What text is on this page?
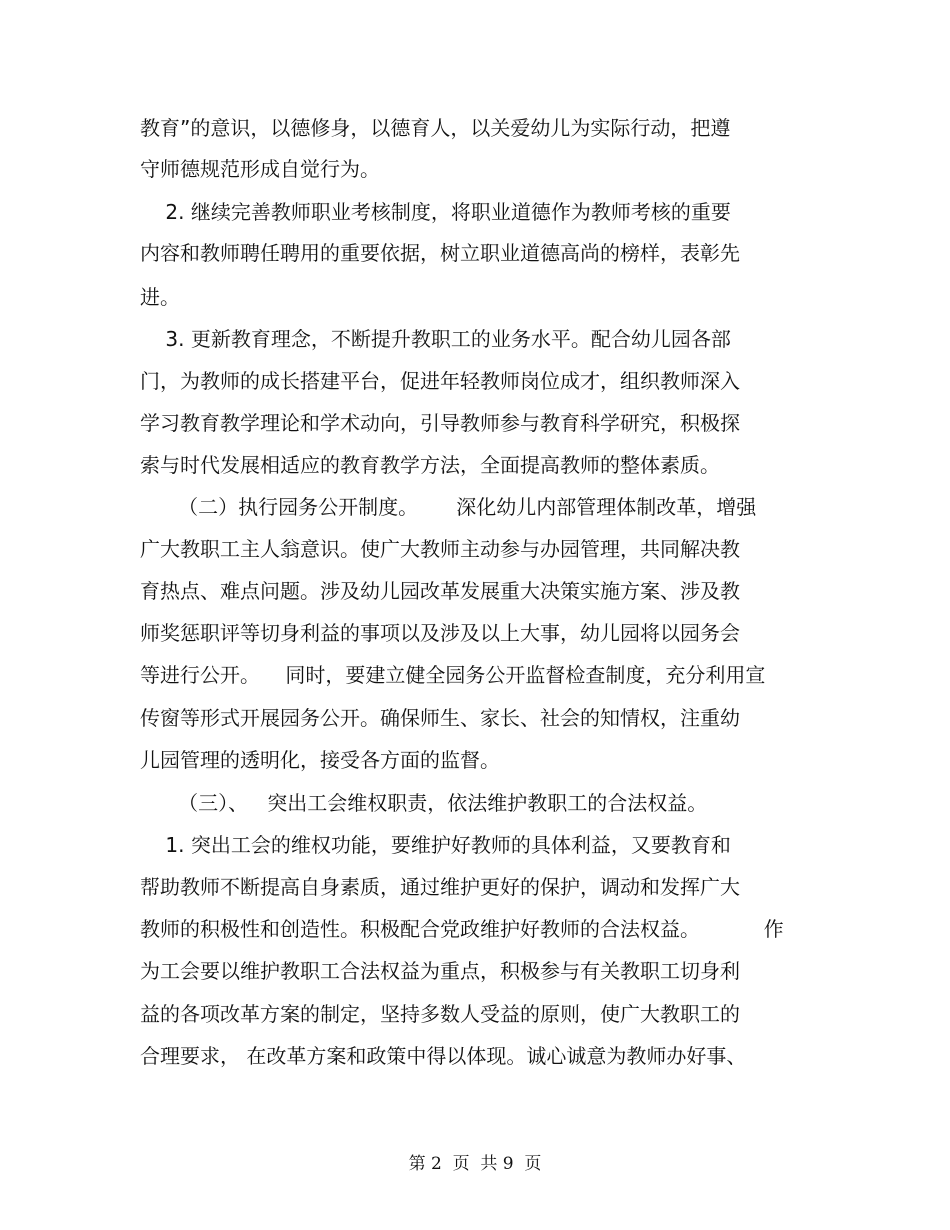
教育”的意识，以德修身，以德育人，以关爱幼儿为实际行动，把遵
守师德规范形成自觉行为。
2. 继续完善教师职业考核制度，将职业道德作为教师考核的重要
内容和教师聘任聘用的重要依据，树立职业道德高尚的榜样，表彰先
进。
3. 更新教育理念，不断提升教职工的业务水平。配合幼儿园各部
门，为教师的成长搭建平台，促进年轻教师岗位成才，组织教师深入
学习教育教学理论和学术动向，引导教师参与教育科学研究，积极探
索与时代发展相适应的教育教学方法，全面提高教师的整体素质。
（二）执行园务公开制度。      深化幼儿内部管理体制改革，增强
广大教职工主人翁意识。使广大教师主动参与办园管理，共同解决教
育热点、难点问题。涉及幼儿园改革发展重大决策实施方案、涉及教
师奖惩职评等切身利益的事项以及涉及以上大事，幼儿园将以园务会
等进行公开。    同时，要建立健全园务公开监督检查制度，充分利用宣
传窗等形式开展园务公开。确保师生、家长、社会的知情权，注重幼
儿园管理的透明化，接受各方面的监督。
（三）、   突出工会维权职责，依法维护教职工的合法权益。
1. 突出工会的维权功能，要维护好教师的具体利益，又要教育和
帮助教师不断提高自身素质，通过维护更好的保护，调动和发挥广大
教师的积极性和创造性。积极配合党政维护好教师的合法权益。          作
为工会要以维护教职工合法权益为重点，积极参与有关教职工切身利
益的各项改革方案的制定，坚持多数人受益的原则，使广大教职工的
合理要求， 在改革方案和政策中得以体现。诚心诚意为教师办好事、
第 2  页  共 9  页
